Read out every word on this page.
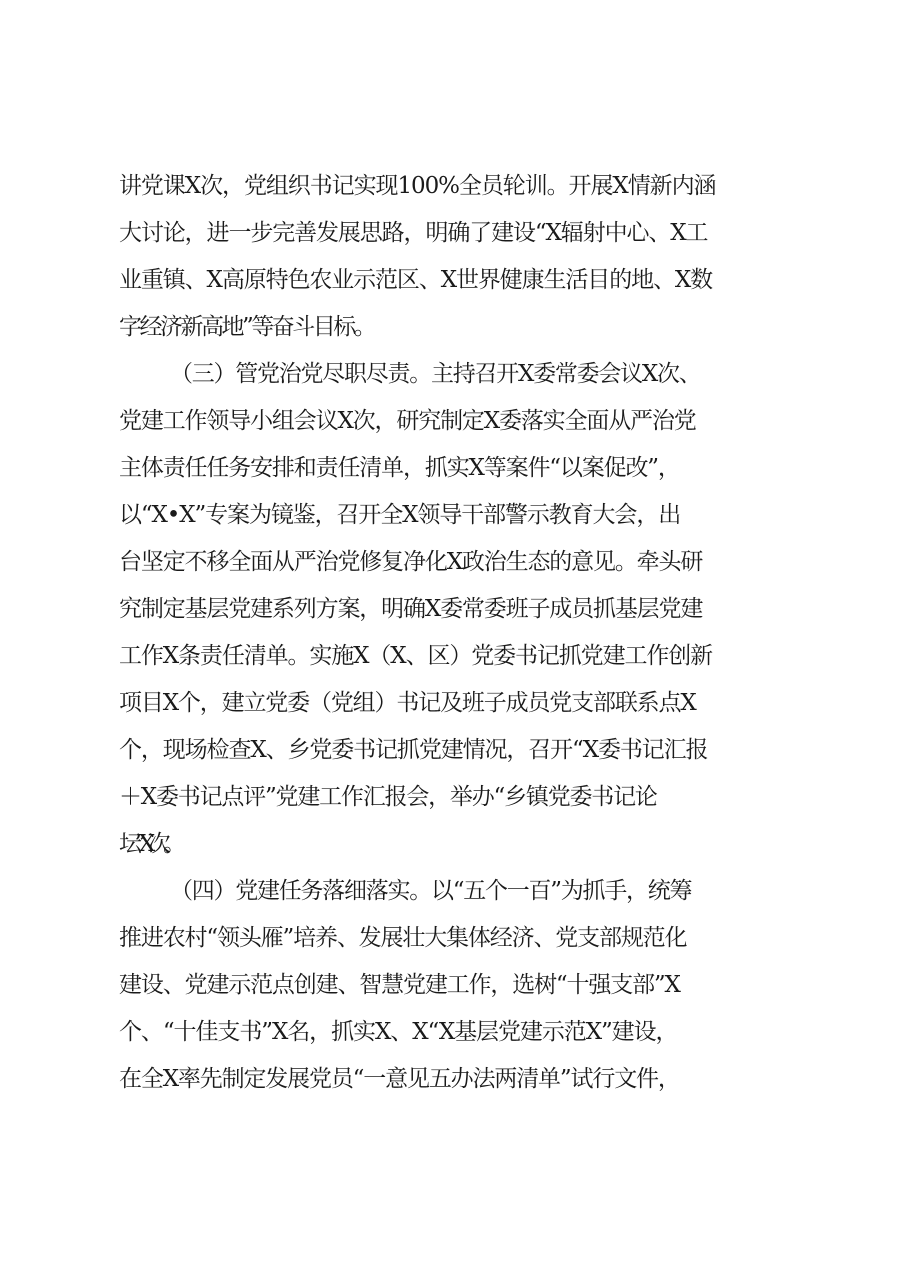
讲党课X次，党组织书记实现100%全员轮训。开展X情新内涵
大讨论，进一步完善发展思路，明确了建设“X辐射中心、X工
业重镇、X高原特色农业示范区、X世界健康生活目的地、X数
字经济新高地”等奋斗目标。
（三）管党治党尽职尽责。主持召开X委常委会议X次、
党建工作领导小组会议X次，研究制定X委落实全面从严治党
主体责任任务安排和责任清单，抓实X等案件“以案促改”，
以“X•X”专案为镜鉴，召开全X领导干部警示教育大会，出
台坚定不移全面从严治党修复净化X政治生态的意见。牵头研
究制定基层党建系列方案，明确X委常委班子成员抓基层党建
工作X条责任清单。实施X（X、区）党委书记抓党建工作创新
项目X个，建立党委（党组）书记及班子成员党支部联系点X
个，现场检查X、乡党委书记抓党建情况，召开“X委书记汇报
＋X委书记点评”党建工作汇报会，举办“乡镇党委书记论
坛”X次。
（四）党建任务落细落实。以“五个一百”为抓手，统筹
推进农村“领头雁”培养、发展壮大集体经济、党支部规范化
建设、党建示范点创建、智慧党建工作，选树“十强支部”X
个、“十佳支书”X名，抓实X、X“X基层党建示范X”建设，
在全X率先制定发展党员“一意见五办法两清单”试行文件，
